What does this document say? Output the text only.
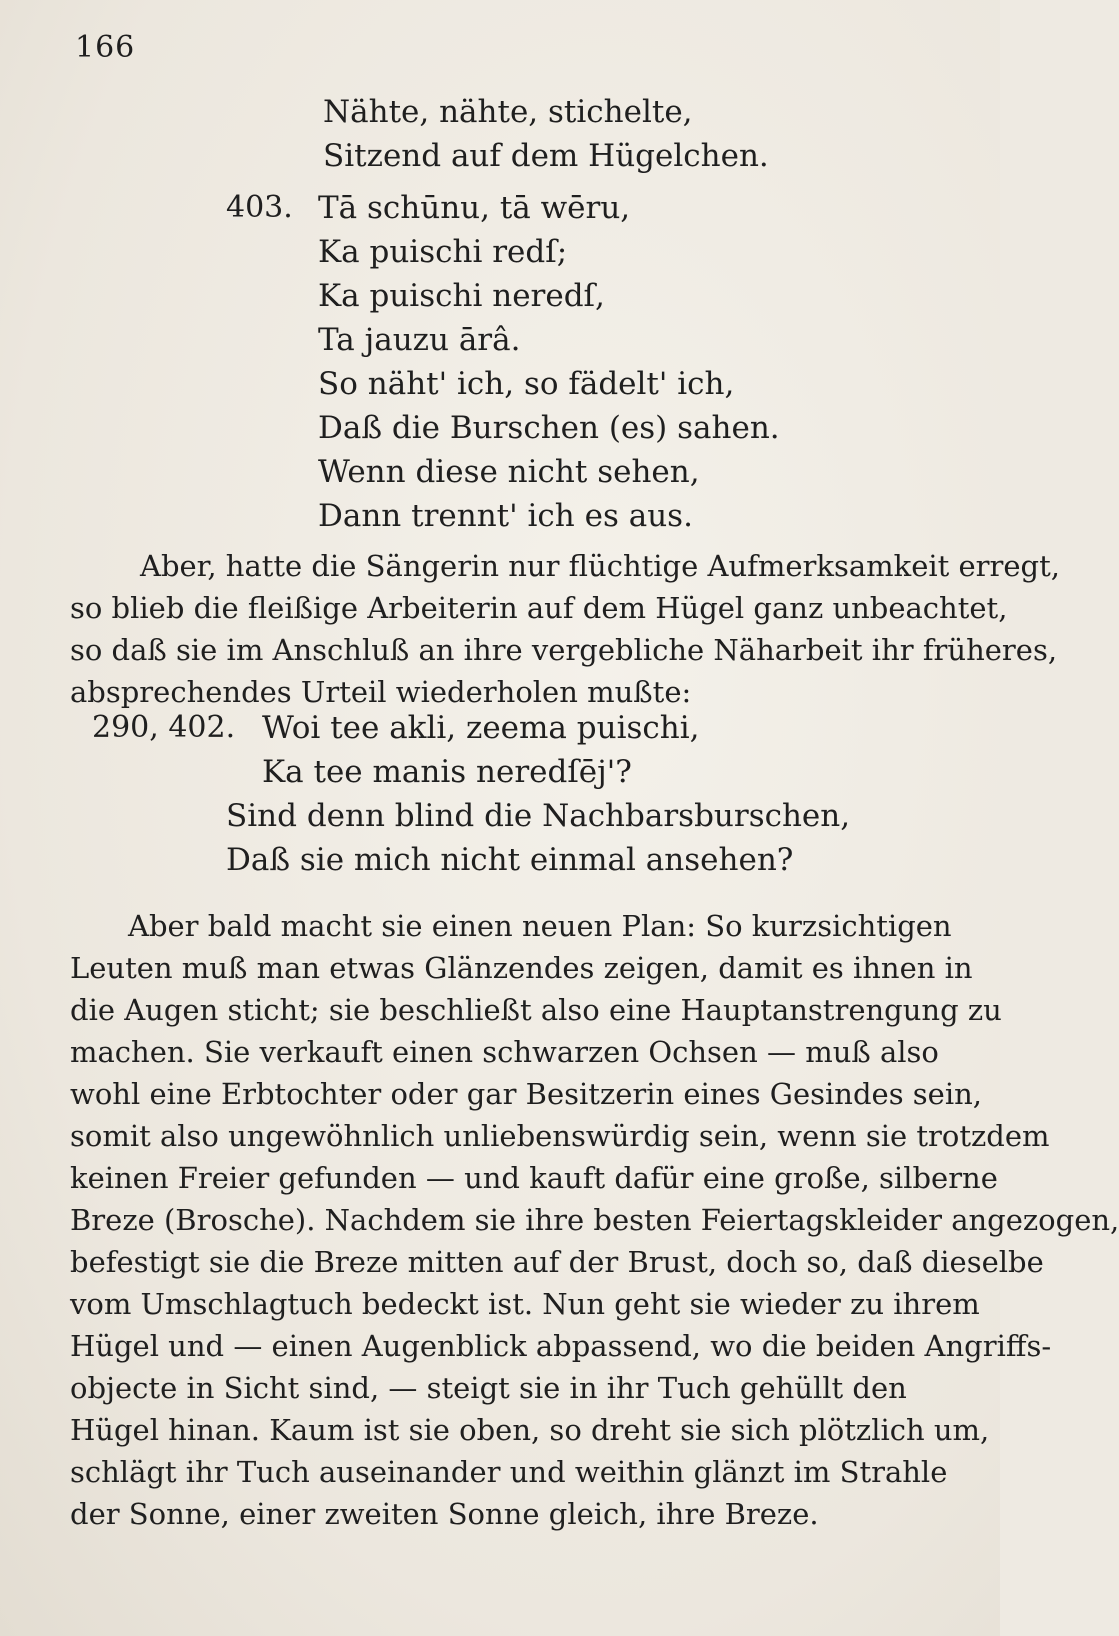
166
Nähte, nähte, stichelte,
Sitzend auf dem Hügelchen.
403. Tā schūnu, tā wēru,
Ka puischi redſ;
Ka puischi neredſ,
Ta jauzu ārâ.
So näht' ich, so fädelt' ich,
Daß die Burschen (es) sahen.
Wenn diese nicht sehen,
Dann trennt' ich es aus.
Aber, hatte die Sängerin nur flüchtige Aufmerksamkeit erregt,
so blieb die fleißige Arbeiterin auf dem Hügel ganz unbeachtet,
so daß sie im Anschluß an ihre vergebliche Näharbeit ihr früheres,
absprechendes Urteil wiederholen mußte:
290, 402. Woi tee akli, zeema puischi,
Ka tee manis neredſēj'?
Sind denn blind die Nachbarsburschen,
Daß sie mich nicht einmal ansehen?
Aber bald macht sie einen neuen Plan: So kurzsichtigen
Leuten muß man etwas Glänzendes zeigen, damit es ihnen in
die Augen sticht; sie beschließt also eine Hauptanstrengung zu
machen. Sie verkauft einen schwarzen Ochsen — muß also
wohl eine Erbtochter oder gar Besitzerin eines Gesindes sein,
somit also ungewöhnlich unliebenswürdig sein, wenn sie trotzdem
keinen Freier gefunden — und kauft dafür eine große, silberne
Breze (Brosche). Nachdem sie ihre besten Feiertagskleider angezogen,
befestigt sie die Breze mitten auf der Brust, doch so, daß dieselbe
vom Umschlagtuch bedeckt ist. Nun geht sie wieder zu ihrem
Hügel und — einen Augenblick abpassend, wo die beiden Angriffs-
objecte in Sicht sind, — steigt sie in ihr Tuch gehüllt den
Hügel hinan. Kaum ist sie oben, so dreht sie sich plötzlich um,
schlägt ihr Tuch auseinander und weithin glänzt im Strahle
der Sonne, einer zweiten Sonne gleich, ihre Breze.
